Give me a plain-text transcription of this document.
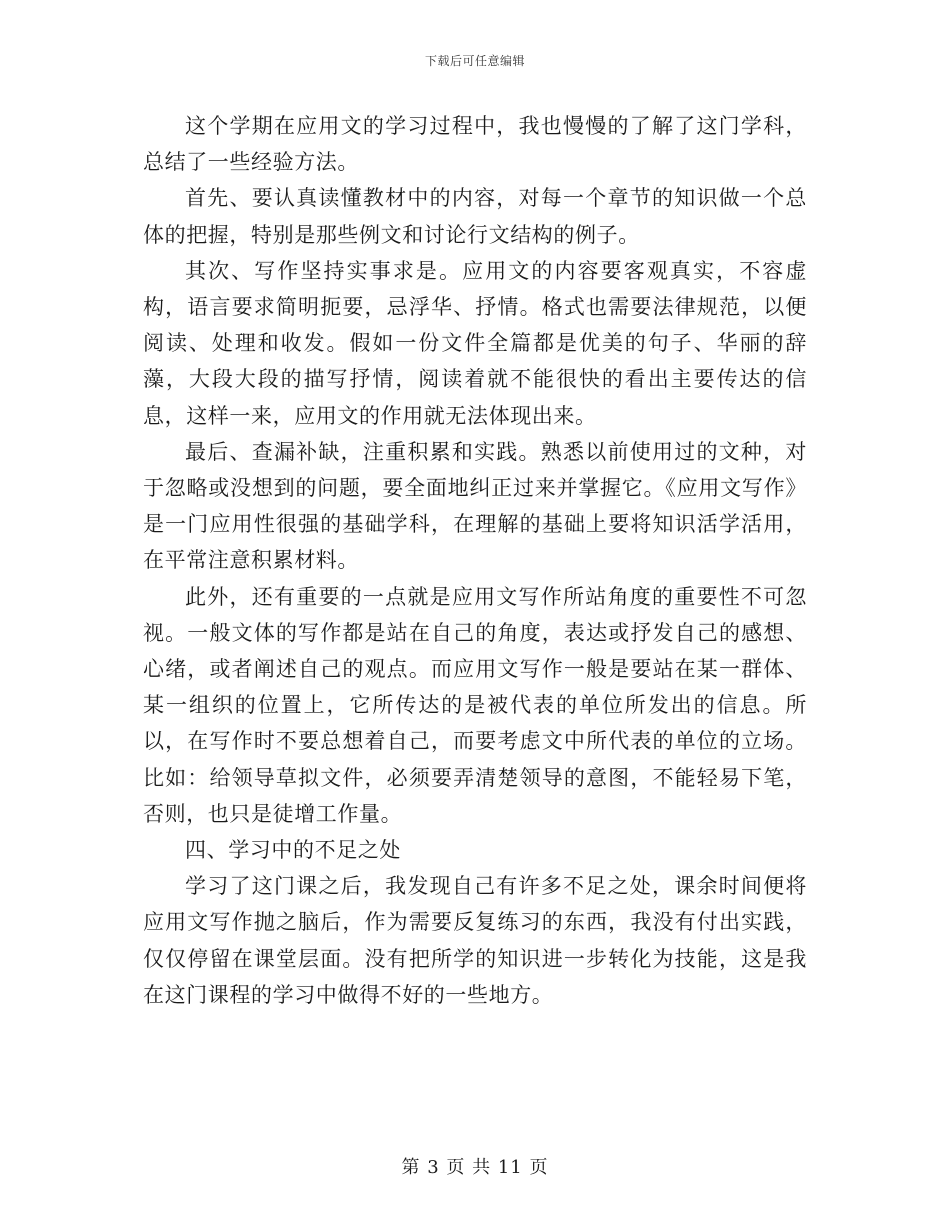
下载后可任意编辑

这个学期在应用文的学习过程中，我也慢慢的了解了这门学科，总结了一些经验方法。

首先、要认真读懂教材中的内容，对每一个章节的知识做一个总体的把握，特别是那些例文和讨论行文结构的例子。

其次、写作坚持实事求是。应用文的内容要客观真实，不容虚构，语言要求简明扼要，忌浮华、抒情。格式也需要法律规范，以便阅读、处理和收发。假如一份文件全篇都是优美的句子、华丽的辞藻，大段大段的描写抒情，阅读着就不能很快的看出主要传达的信息，这样一来，应用文的作用就无法体现出来。

最后、查漏补缺，注重积累和实践。熟悉以前使用过的文种，对于忽略或没想到的问题，要全面地纠正过来并掌握它。《应用文写作》是一门应用性很强的基础学科，在理解的基础上要将知识活学活用，在平常注意积累材料。

此外，还有重要的一点就是应用文写作所站角度的重要性不可忽视。一般文体的写作都是站在自己的角度，表达或抒发自己的感想、心绪，或者阐述自己的观点。而应用文写作一般是要站在某一群体、某一组织的位置上，它所传达的是被代表的单位所发出的信息。所以，在写作时不要总想着自己，而要考虑文中所代表的单位的立场。比如：给领导草拟文件，必须要弄清楚领导的意图，不能轻易下笔，否则，也只是徒增工作量。

四、学习中的不足之处

学习了这门课之后，我发现自己有许多不足之处，课余时间便将应用文写作抛之脑后，作为需要反复练习的东西，我没有付出实践，仅仅停留在课堂层面。没有把所学的知识进一步转化为技能，这是我在这门课程的学习中做得不好的一些地方。

第 3 页 共 11 页
